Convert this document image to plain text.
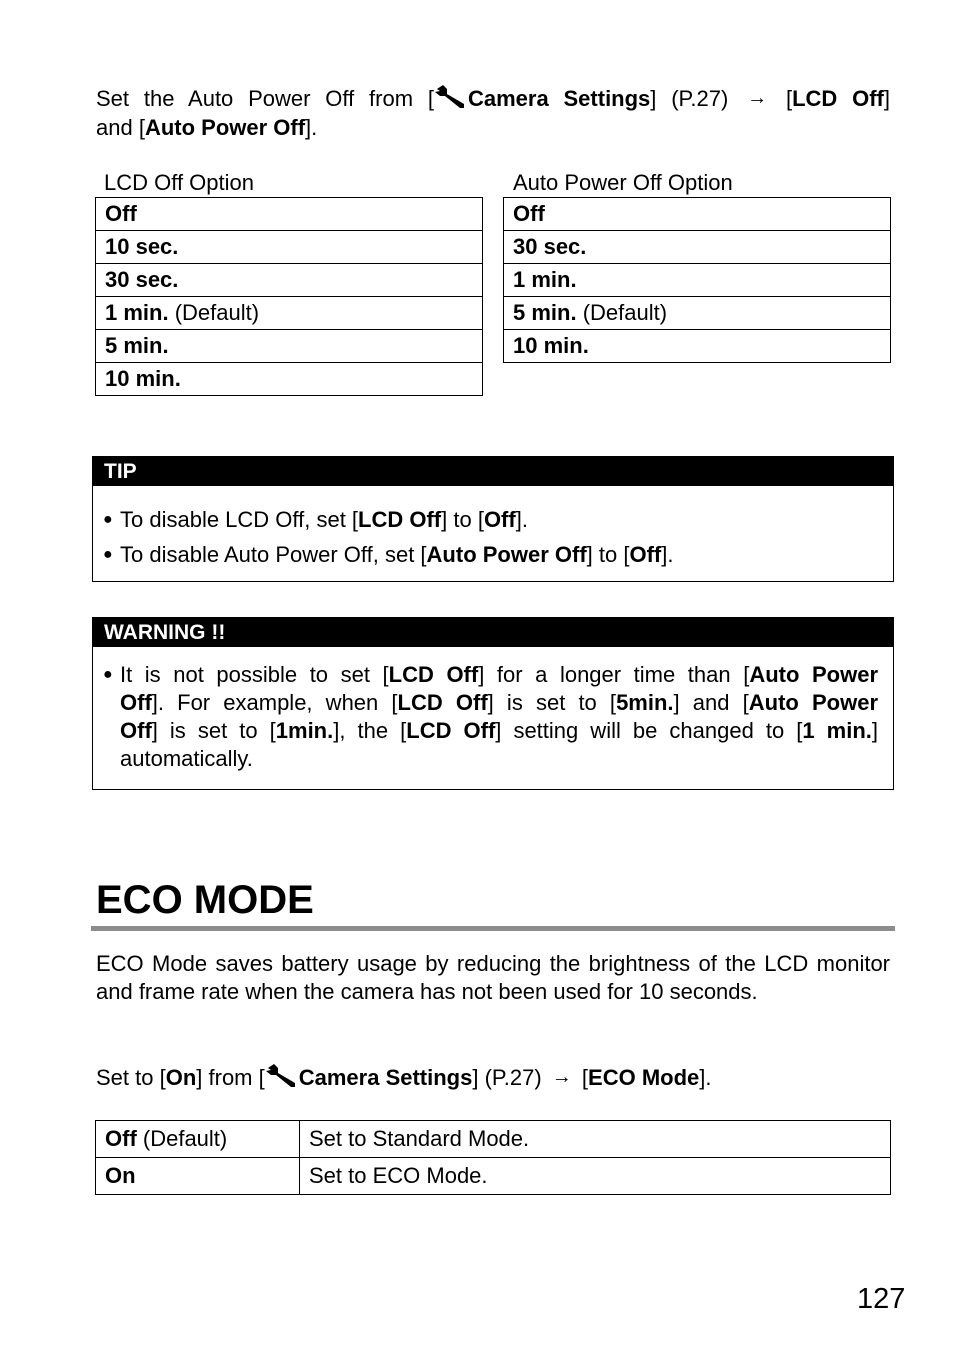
Set the Auto Power Off from [ Camera Settings] (P.27) → [LCD Off]
and [Auto Power Off].
LCD Off Option
Off
10 sec.
30 sec.
1 min. (Default)
5 min.
10 min.
Auto Power Off Option
Off
30 sec.
1 min.
5 min. (Default)
10 min.
TIP
● To disable LCD Off, set [LCD Off] to [Off].
● To disable Auto Power Off, set [Auto Power Off] to [Off].
WARNING !!
● It is not possible to set [LCD Off] for a longer time than [Auto Power
Off]. For example, when [LCD Off] is set to [5min.] and [Auto Power
Off] is set to [1min.], the [LCD Off] setting will be changed to [1 min.]
automatically.
ECO MODE
ECO Mode saves battery usage by reducing the brightness of the LCD monitor and frame rate when the camera has not been used for 10 seconds.
Set to [On] from [ Camera Settings] (P.27) → [ECO Mode].
Off (Default)	Set to Standard Mode.
On	Set to ECO Mode.
127
